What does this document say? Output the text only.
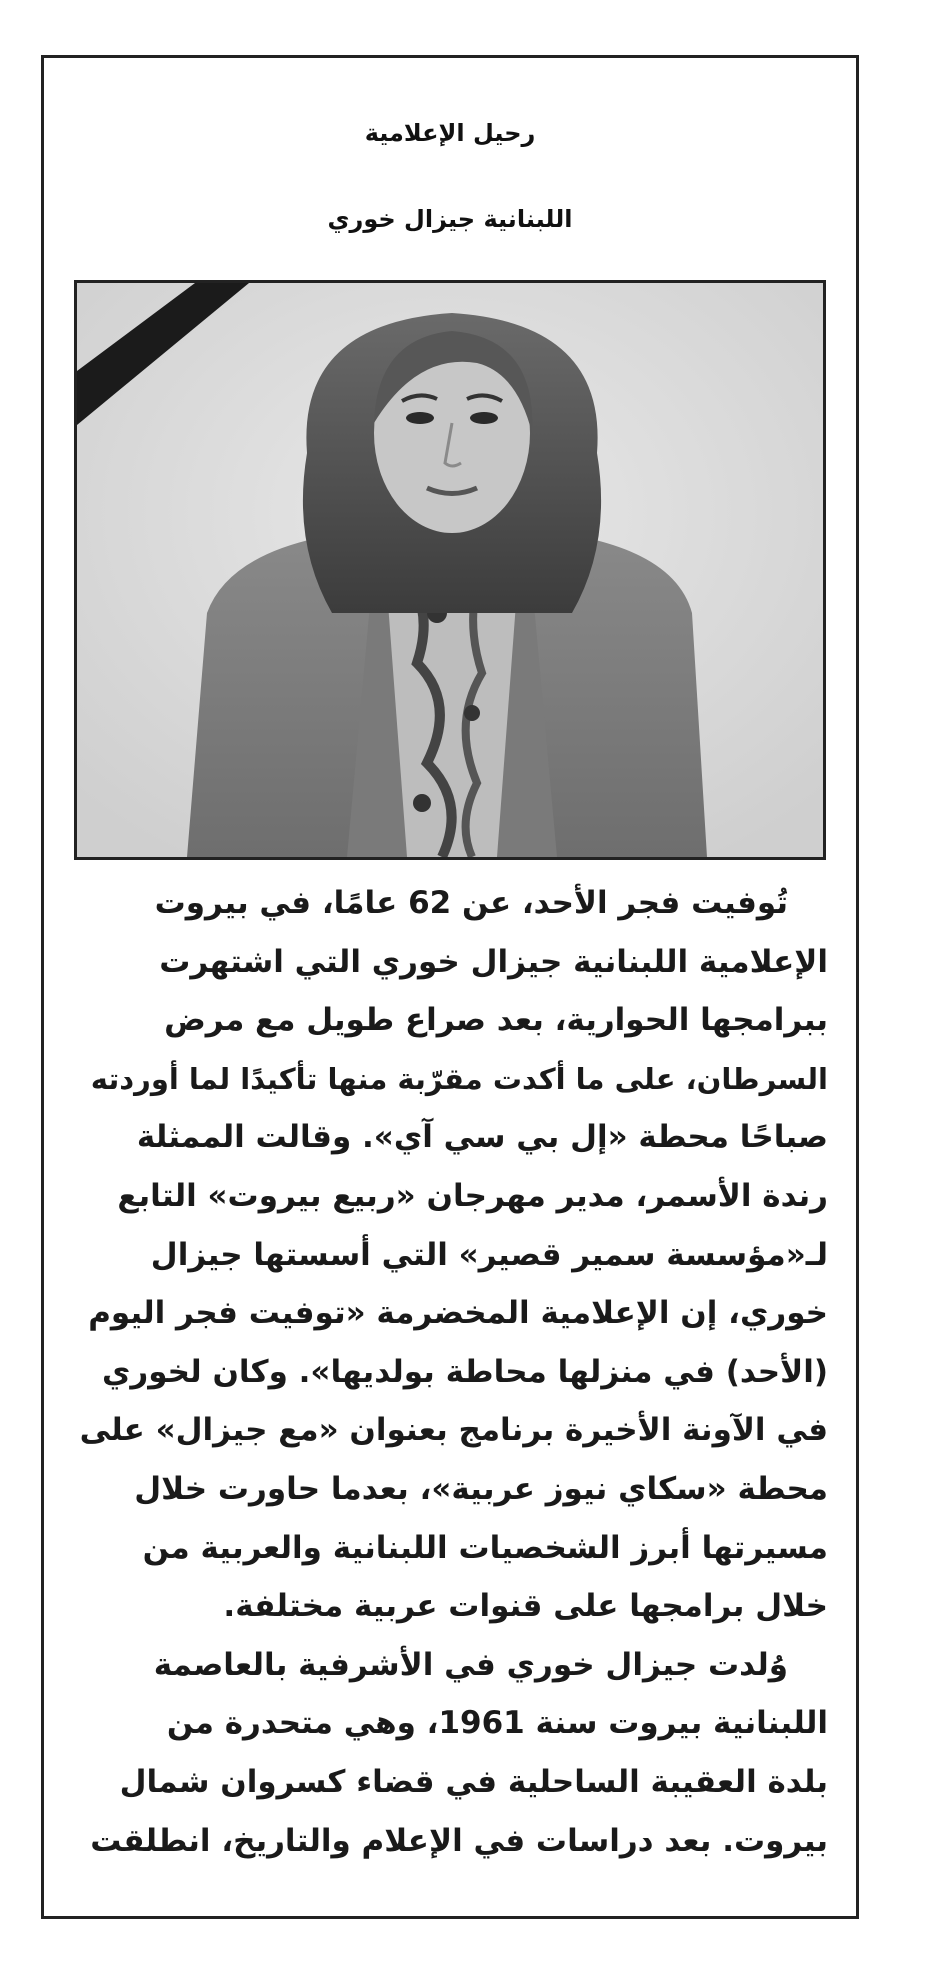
رحيل الإعلامية
اللبنانية جيزال خوري
تُوفيت فجر الأحد، عن 62 عامًا، في بيروت
الإعلامية اللبنانية جيزال خوري التي اشتهرت
ببرامجها الحوارية، بعد صراع طويل مع مرض
السرطان، على ما أكدت مقرّبة منها تأكيدًا لما أوردته
صباحًا محطة «إل بي سي آي». وقالت الممثلة
رندة الأسمر، مدير مهرجان «ربيع بيروت» التابع
لـ«مؤسسة سمير قصير» التي أسستها جيزال
خوري، إن الإعلامية المخضرمة «توفيت فجر اليوم
(الأحد) في منزلها محاطة بولديها». وكان لخوري
في الآونة الأخيرة برنامج بعنوان «مع جيزال» على
محطة «سكاي نيوز عربية»، بعدما حاورت خلال
مسيرتها أبرز الشخصيات اللبنانية والعربية من
خلال برامجها على قنوات عربية مختلفة.
وُلدت جيزال خوري في الأشرفية بالعاصمة
اللبنانية بيروت سنة 1961، وهي متحدرة من
بلدة العقيبة الساحلية في قضاء كسروان شمال
بيروت. بعد دراسات في الإعلام والتاريخ، انطلقت
